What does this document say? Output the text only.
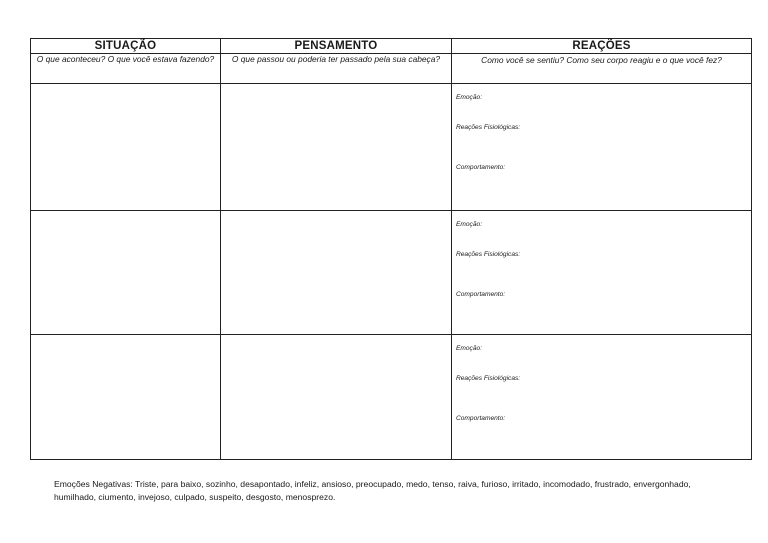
SITUAÇÃO	PENSAMENTO	REAÇÕES
O que aconteceu? O que você estava fazendo?	O que passou ou poderia ter passado pela sua cabeça?	Como você se sentiu? Como seu corpo reagiu e o que você fez?

		Emoção:
Reações Fisiológicas:
Comportamento:

		Emoção:
Reações Fisiológicas:
Comportamento:

		Emoção:
Reações Fisiológicas:
Comportamento:
Emoções Negativas: Triste, para baixo, sozinho, desapontado, infeliz, ansioso, preocupado, medo, tenso, raiva, furioso, irritado, incomodado, frustrado, envergonhado, humilhado, ciumento, invejoso, culpado, suspeito, desgosto, menosprezo.
